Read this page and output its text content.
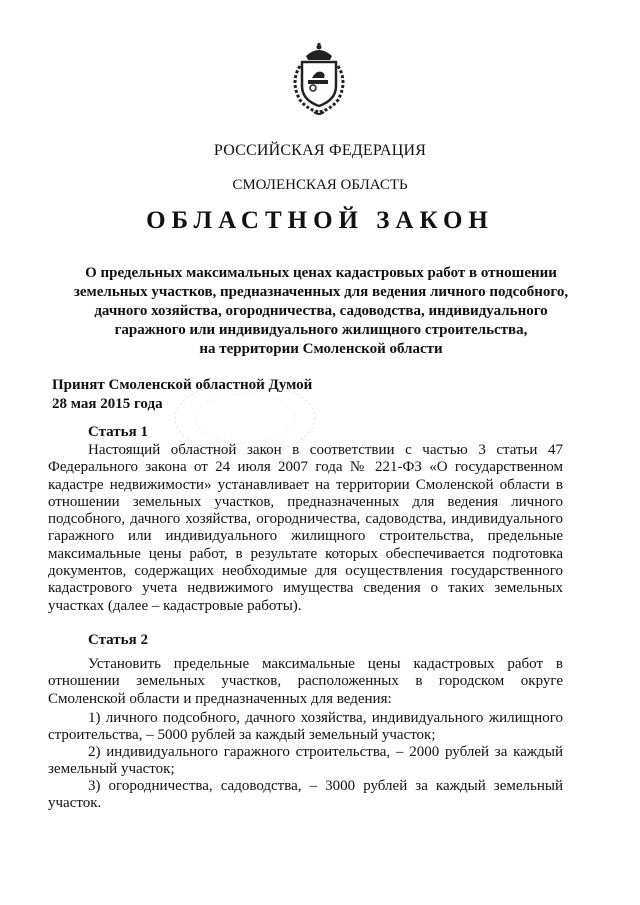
РОССИЙСКАЯ ФЕДЕРАЦИЯ
СМОЛЕНСКАЯ ОБЛАСТЬ
ОБЛАСТНОЙ ЗАКОН
О предельных максимальных ценах кадастровых работ в отношении
земельных участков, предназначенных для ведения личного подсобного,
дачного хозяйства, огородничества, садоводства, индивидуального
гаражного или индивидуального жилищного строительства,
на территории Смоленской области
Принят Смоленской областной Думой
28 мая 2015 года
Статья 1
Настоящий областной закон в соответствии с частью 3 статьи 47 Федерального закона от 24 июля 2007 года № 221-ФЗ «О государственном кадастре недвижимости» устанавливает на территории Смоленской области в отношении земельных участков, предназначенных для ведения личного подсобного, дачного хозяйства, огородничества, садоводства, индивидуального гаражного или индивидуального жилищного строительства, предельные максимальные цены работ, в результате которых обеспечивается подготовка документов, содержащих необходимые для осуществления государственного кадастрового учета недвижимого имущества сведения о таких земельных участках (далее – кадастровые работы).
Статья 2
Установить предельные максимальные цены кадастровых работ в отношении земельных участков, расположенных в городском округе Смоленской области и предназначенных для ведения:
1) личного подсобного, дачного хозяйства, индивидуального жилищного строительства, – 5000 рублей за каждый земельный участок;
2) индивидуального гаражного строительства, – 2000 рублей за каждый земельный участок;
3) огородничества, садоводства, – 3000 рублей за каждый земельный участок.
